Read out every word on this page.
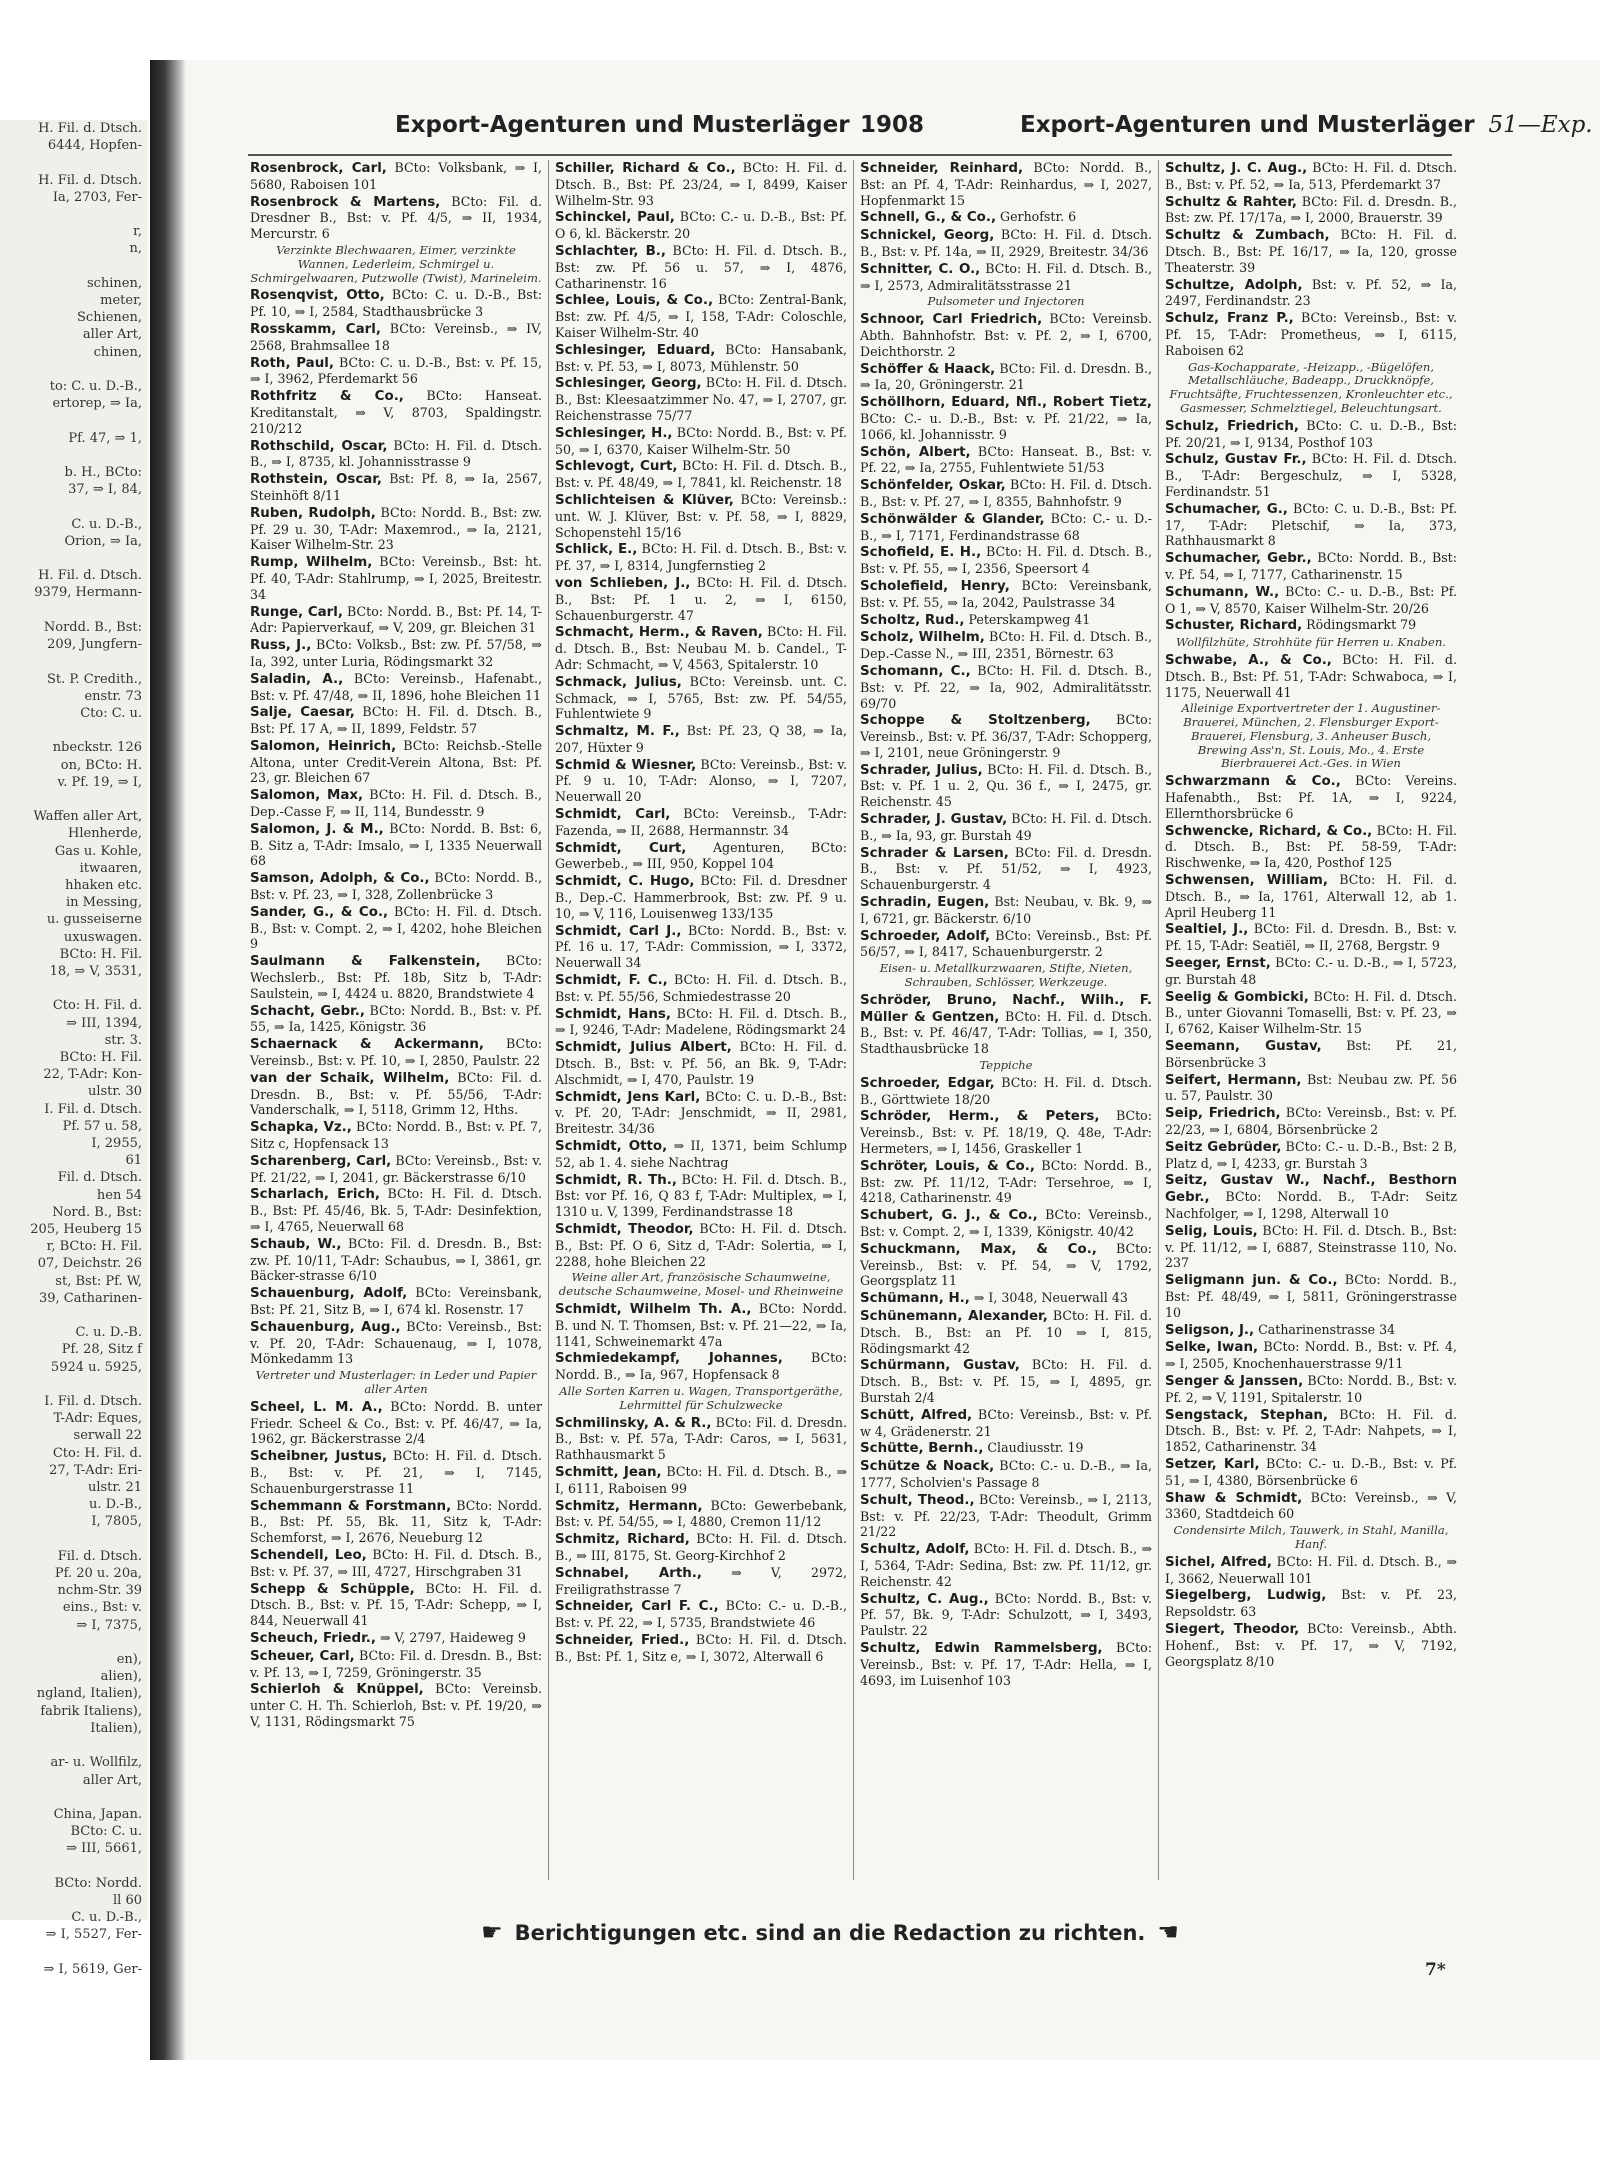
H. Fil. d. Dtsch.
6444, Hopfen-

H. Fil. d. Dtsch.
Ia, 2703, Fer-

r,
n,

schinen,
meter,
Schienen,
aller Art,
chinen,

to: C. u. D.-B.,
ertorep, ⇒ Ia,

Pf. 47, ⇒ 1,

b. H., BCto:
37, ⇒ I, 84,

C. u. D.-B.,
Orion, ⇒ Ia,

H. Fil. d. Dtsch.
9379, Hermann-

Nordd. B., Bst:
209, Jungfern-

St. P. Credith.,
enstr. 73
Cto: C. u.

nbeckstr. 126
on, BCto: H.
v. Pf. 19, ⇒ I,

Waffen aller Art,
Hlenherde,
Gas u. Kohle,
itwaaren,
hhaken etc.
in Messing,
u. gusseiserne
uxuswagen.
BCto: H. Fil.
18, ⇒ V, 3531,

Cto: H. Fil. d.
⇒ III, 1394,
str. 3.
BCto: H. Fil.
22, T-Adr: Kon-
ulstr. 30
I. Fil. d. Dtsch.
Pf. 57 u. 58,
I, 2955,
61
Fil. d. Dtsch.
hen 54
Nord. B., Bst:
205, Heuberg 15
r, BCto: H. Fil.
07, Deichstr. 26
st, Bst: Pf. W,
39, Catharinen-

C. u. D.-B.
Pf. 28, Sitz f
5924 u. 5925,

I. Fil. d. Dtsch.
T-Adr: Eques,
serwall 22
Cto: H. Fil. d.
27, T-Adr: Eri-
ulstr. 21
u. D.-B.,
I, 7805,

Fil. d. Dtsch.
Pf. 20 u. 20a,
nchm-Str. 39
eins., Bst: v.
⇒ I, 7375,

en),
alien),
ngland, Italien),
fabrik Italiens),
Italien),

ar- u. Wollfilz,
aller Art,

China, Japan.
BCto: C. u.
⇒ III, 5661,

BCto: Nordd.
ll 60
C. u. D.-B.,
⇒ I, 5527, Fer-

⇒ I, 5619, Ger-
Export-Agenturen und Musterläger 1908	Export-Agenturen und Musterläger 51—Exp.
Rosenbrock, Carl, BCto: Volksbank, ⇒ I, 5680, Raboisen 101
Rosenbrock & Martens, BCto: Fil. d. Dresdner B., Bst: v. Pf. 4/5, ⇒ II, 1934, Mercurstr. 6
Verzinkte Blechwaaren, Eimer, verzinkte Wannen, Lederleim, Schmirgel u. Schmirgelwaaren, Putzwolle (Twist), Marineleim.
Rosenqvist, Otto, BCto: C. u. D.-B., Bst: Pf. 10, ⇒ I, 2584, Stadthausbrücke 3
Rosskamm, Carl, BCto: Vereinsb., ⇒ IV, 2568, Brahmsallee 18
Roth, Paul, BCto: C. u. D.-B., Bst: v. Pf. 15, ⇒ I, 3962, Pferdemarkt 56
Rothfritz & Co., BCto: Hanseat. Kreditanstalt, ⇒ V, 8703, Spaldingstr. 210/212
Rothschild, Oscar, BCto: H. Fil. d. Dtsch. B., ⇒ I, 8735, kl. Johannisstrasse 9
Rothstein, Oscar, Bst: Pf. 8, ⇒ Ia, 2567, Steinhöft 8/11
Ruben, Rudolph, BCto: Nordd. B., Bst: zw. Pf. 29 u. 30, T-Adr: Maxemrod., ⇒ Ia, 2121, Kaiser Wilhelm-Str. 23
Rump, Wilhelm, BCto: Vereinsb., Bst: ht. Pf. 40, T-Adr: Stahlrump, ⇒ I, 2025, Breitestr. 34
Runge, Carl, BCto: Nordd. B., Bst: Pf. 14, T-Adr: Papierverkauf, ⇒ V, 209, gr. Bleichen 31
Russ, J., BCto: Volksb., Bst: zw. Pf. 57/58, ⇒ Ia, 392, unter Luria, Rödingsmarkt 32
Saladin, A., BCto: Vereinsb., Hafenabt., Bst: v. Pf. 47/48, ⇒ II, 1896, hohe Bleichen 11
Salje, Caesar, BCto: H. Fil. d. Dtsch. B., Bst: Pf. 17 A, ⇒ II, 1899, Feldstr. 57
Salomon, Heinrich, BCto: Reichsb.-Stelle Altona, unter Credit-Verein Altona, Bst: Pf. 23, gr. Bleichen 67
Salomon, Max, BCto: H. Fil. d. Dtsch. B., Dep.-Casse F, ⇒ II, 114, Bundesstr. 9
Salomon, J. & M., BCto: Nordd. B. Bst: 6, B. Sitz a, T-Adr: Imsalo, ⇒ I, 1335 Neuerwall 68
Samson, Adolph, & Co., BCto: Nordd. B., Bst: v. Pf. 23, ⇒ I, 328, Zollenbrücke 3
Sander, G., & Co., BCto: H. Fil. d. Dtsch. B., Bst: v. Compt. 2, ⇒ I, 4202, hohe Bleichen 9
Saulmann & Falkenstein, BCto: Wechslerb., Bst: Pf. 18b, Sitz b, T-Adr: Saulstein, ⇒ I, 4424 u. 8820, Brandstwiete 4
Schacht, Gebr., BCto: Nordd. B., Bst: v. Pf. 55, ⇒ Ia, 1425, Königstr. 36
Schaernack & Ackermann, BCto: Vereinsb., Bst: v. Pf. 10, ⇒ I, 2850, Paulstr. 22
van der Schaik, Wilhelm, BCto: Fil. d. Dresdn. B., Bst: v. Pf. 55/56, T-Adr: Vanderschalk, ⇒ I, 5118, Grimm 12, Hths.
Schapka, Vz., BCto: Nordd. B., Bst: v. Pf. 7, Sitz c, Hopfensack 13
Scharenberg, Carl, BCto: Vereinsb., Bst: v. Pf. 21/22, ⇒ I, 2041, gr. Bäckerstrasse 6/10
Scharlach, Erich, BCto: H. Fil. d. Dtsch. B., Bst: Pf. 45/46, Bk. 5, T-Adr: Desinfektion, ⇒ I, 4765, Neuerwall 68
Schaub, W., BCto: Fil. d. Dresdn. B., Bst: zw. Pf. 10/11, T-Adr: Schaubus, ⇒ I, 3861, gr. Bäcker-strasse 6/10
Schauenburg, Adolf, BCto: Vereinsbank, Bst: Pf. 21, Sitz B, ⇒ I, 674 kl. Rosenstr. 17
Schauenburg, Aug., BCto: Vereinsb., Bst: v. Pf. 20, T-Adr: Schauenaug, ⇒ I, 1078, Mönkedamm 13
Vertreter und Musterlager: in Leder und Papier aller Arten
Scheel, L. M. A., BCto: Nordd. B. unter Friedr. Scheel & Co., Bst: v. Pf. 46/47, ⇒ Ia, 1962, gr. Bäckerstrasse 2/4
Scheibner, Justus, BCto: H. Fil. d. Dtsch. B., Bst: v. Pf. 21, ⇒ I, 7145, Schauenburgerstrasse 11
Schemmann & Forstmann, BCto: Nordd. B., Bst: Pf. 55, Bk. 11, Sitz k, T-Adr: Schemforst, ⇒ I, 2676, Neueburg 12
Schendell, Leo, BCto: H. Fil. d. Dtsch. B., Bst: v. Pf. 37, ⇒ III, 4727, Hirschgraben 31
Schepp & Schüpple, BCto: H. Fil. d. Dtsch. B., Bst: v. Pf. 15, T-Adr: Schepp, ⇒ I, 844, Neuerwall 41
Scheuch, Friedr., ⇒ V, 2797, Haideweg 9
Scheuer, Carl, BCto: Fil. d. Dresdn. B., Bst: v. Pf. 13, ⇒ I, 7259, Gröningerstr. 35
Schierloh & Knüppel, BCto: Vereinsb. unter C. H. Th. Schierloh, Bst: v. Pf. 19/20, ⇒ V, 1131, Rödingsmarkt 75
Schiller, Richard & Co., BCto: H. Fil. d. Dtsch. B., Bst: Pf. 23/24, ⇒ I, 8499, Kaiser Wilhelm-Str. 93
Schinckel, Paul, BCto: C.- u. D.-B., Bst: Pf. O 6, kl. Bäckerstr. 20
Schlachter, B., BCto: H. Fil. d. Dtsch. B., Bst: zw. Pf. 56 u. 57, ⇒ I, 4876, Catharinenstr. 16
Schlee, Louis, & Co., BCto: Zentral-Bank, Bst: zw. Pf. 4/5, ⇒ I, 158, T-Adr: Coloschle, Kaiser Wilhelm-Str. 40
Schlesinger, Eduard, BCto: Hansabank, Bst: v. Pf. 53, ⇒ I, 8073, Mühlenstr. 50
Schlesinger, Georg, BCto: H. Fil. d. Dtsch. B., Bst: Kleesaatzimmer No. 47, ⇒ I, 2707, gr. Reichenstrasse 75/77
Schlesinger, H., BCto: Nordd. B., Bst: v. Pf. 50, ⇒ I, 6370, Kaiser Wilhelm-Str. 50
Schlevogt, Curt, BCto: H. Fil. d. Dtsch. B., Bst: v. Pf. 48/49, ⇒ I, 7841, kl. Reichenstr. 18
Schlichteisen & Klüver, BCto: Vereinsb.: unt. W. J. Klüver, Bst: v. Pf. 58, ⇒ I, 8829, Schopenstehl 15/16
Schlick, E., BCto: H. Fil. d. Dtsch. B., Bst: v. Pf. 37, ⇒ I, 8314, Jungfernstieg 2
von Schlieben, J., BCto: H. Fil. d. Dtsch. B., Bst: Pf. 1 u. 2, ⇒ I, 6150, Schauenburgerstr. 47
Schmacht, Herm., & Raven, BCto: H. Fil. d. Dtsch. B., Bst: Neubau M. b. Candel., T-Adr: Schmacht, ⇒ V, 4563, Spitalerstr. 10
Schmack, Julius, BCto: Vereinsb. unt. C. Schmack, ⇒ I, 5765, Bst: zw. Pf. 54/55, Fuhlentwiete 9
Schmaltz, M. F., Bst: Pf. 23, Q 38, ⇒ Ia, 207, Hüxter 9
Schmid & Wiesner, BCto: Vereinsb., Bst: v. Pf. 9 u. 10, T-Adr: Alonso, ⇒ I, 7207, Neuerwall 20
Schmidt, Carl, BCto: Vereinsb., T-Adr: Fazenda, ⇒ II, 2688, Hermannstr. 34
Schmidt, Curt, Agenturen, BCto: Gewerbeb., ⇒ III, 950, Koppel 104
Schmidt, C. Hugo, BCto: Fil. d. Dresdner B., Dep.-C. Hammerbrook, Bst: zw. Pf. 9 u. 10, ⇒ V, 116, Louisenweg 133/135
Schmidt, Carl J., BCto: Nordd. B., Bst: v. Pf. 16 u. 17, T-Adr: Commission, ⇒ I, 3372, Neuerwall 34
Schmidt, F. C., BCto: H. Fil. d. Dtsch. B., Bst: v. Pf. 55/56, Schmiedestrasse 20
Schmidt, Hans, BCto: H. Fil. d. Dtsch. B., ⇒ I, 9246, T-Adr: Madelene, Rödingsmarkt 24
Schmidt, Julius Albert, BCto: H. Fil. d. Dtsch. B., Bst: v. Pf. 56, an Bk. 9, T-Adr: Alschmidt, ⇒ I, 470, Paulstr. 19
Schmidt, Jens Karl, BCto: C. u. D.-B., Bst: v. Pf. 20, T-Adr: Jenschmidt, ⇒ II, 2981, Breitestr. 34/36
Schmidt, Otto, ⇒ II, 1371, beim Schlump 52, ab 1. 4. siehe Nachtrag
Schmidt, R. Th., BCto: H. Fil. d. Dtsch. B., Bst: vor Pf. 16, Q 83 f, T-Adr: Multiplex, ⇒ I, 1310 u. V, 1399, Ferdinandstrasse 18
Schmidt, Theodor, BCto: H. Fil. d. Dtsch. B., Bst: Pf. O 6, Sitz d, T-Adr: Solertia, ⇒ I, 2288, hohe Bleichen 22
Weine aller Art, französische Schaumweine, deutsche Schaumweine, Mosel- und Rheinweine
Schmidt, Wilhelm Th. A., BCto: Nordd. B. und N. T. Thomsen, Bst: v. Pf. 21—22, ⇒ Ia, 1141, Schweinemarkt 47a
Schmiedekampf, Johannes, BCto: Nordd. B., ⇒ Ia, 967, Hopfensack 8
Alle Sorten Karren u. Wagen, Transportgeräthe, Lehrmittel für Schulzwecke
Schmilinsky, A. & R., BCto: Fil. d. Dresdn. B., Bst: v. Pf. 57a, T-Adr: Caros, ⇒ I, 5631, Rathhausmarkt 5
Schmitt, Jean, BCto: H. Fil. d. Dtsch. B., ⇒ I, 6111, Raboisen 99
Schmitz, Hermann, BCto: Gewerbebank, Bst: v. Pf. 54/55, ⇒ I, 4880, Cremon 11/12
Schmitz, Richard, BCto: H. Fil. d. Dtsch. B., ⇒ III, 8175, St. Georg-Kirchhof 2
Schnabel, Arth., ⇒ V, 2972, Freiligrathstrasse 7
Schneider, Carl F. C., BCto: C.- u. D.-B., Bst: v. Pf. 22, ⇒ I, 5735, Brandstwiete 46
Schneider, Fried., BCto: H. Fil. d. Dtsch. B., Bst: Pf. 1, Sitz e, ⇒ I, 3072, Alterwall 6
Schneider, Reinhard, BCto: Nordd. B., Bst: an Pf. 4, T-Adr: Reinhardus, ⇒ I, 2027, Hopfenmarkt 15
Schnell, G., & Co., Gerhofstr. 6
Schnickel, Georg, BCto: H. Fil. d. Dtsch. B., Bst: v. Pf. 14a, ⇒ II, 2929, Breitestr. 34/36
Schnitter, C. O., BCto: H. Fil. d. Dtsch. B., ⇒ I, 2573, Admiralitätsstrasse 21
Pulsometer und Injectoren
Schnoor, Carl Friedrich, BCto: Vereinsb. Abth. Bahnhofstr. Bst: v. Pf. 2, ⇒ I, 6700, Deichthorstr. 2
Schöffer & Haack, BCto: Fil. d. Dresdn. B., ⇒ Ia, 20, Gröningerstr. 21
Schöllhorn, Eduard, Nfl., Robert Tietz, BCto: C.- u. D.-B., Bst: v. Pf. 21/22, ⇒ Ia, 1066, kl. Johannisstr. 9
Schön, Albert, BCto: Hanseat. B., Bst: v. Pf. 22, ⇒ Ia, 2755, Fuhlentwiete 51/53
Schönfelder, Oskar, BCto: H. Fil. d. Dtsch. B., Bst: v. Pf. 27, ⇒ I, 8355, Bahnhofstr. 9
Schönwälder & Glander, BCto: C.- u. D.-B., ⇒ I, 7171, Ferdinandstrasse 68
Schofield, E. H., BCto: H. Fil. d. Dtsch. B., Bst: v. Pf. 55, ⇒ I, 2356, Speersort 4
Scholefield, Henry, BCto: Vereinsbank, Bst: v. Pf. 55, ⇒ Ia, 2042, Paulstrasse 34
Scholtz, Rud., Peterskampweg 41
Scholz, Wilhelm, BCto: H. Fil. d. Dtsch. B., Dep.-Casse N., ⇒ III, 2351, Börnestr. 63
Schomann, C., BCto: H. Fil. d. Dtsch. B., Bst: v. Pf. 22, ⇒ Ia, 902, Admiralitätsstr. 69/70
Schoppe & Stoltzenberg, BCto: Vereinsb., Bst: v. Pf. 36/37, T-Adr: Schopperg, ⇒ I, 2101, neue Gröningerstr. 9
Schrader, Julius, BCto: H. Fil. d. Dtsch. B., Bst: v. Pf. 1 u. 2, Qu. 36 f., ⇒ I, 2475, gr. Reichenstr. 45
Schrader, J. Gustav, BCto: H. Fil. d. Dtsch. B., ⇒ Ia, 93, gr. Burstah 49
Schrader & Larsen, BCto: Fil. d. Dresdn. B., Bst: v. Pf. 51/52, ⇒ I, 4923, Schauenburgerstr. 4
Schradin, Eugen, Bst: Neubau, v. Bk. 9, ⇒ I, 6721, gr. Bäckerstr. 6/10
Schroeder, Adolf, BCto: Vereinsb., Bst: Pf. 56/57, ⇒ I, 8417, Schauenburgerstr. 2
Eisen- u. Metallkurzwaaren, Stifte, Nieten, Schrauben, Schlösser, Werkzeuge.
Schröder, Bruno, Nachf., Wilh., F. Müller & Gentzen, BCto: H. Fil. d. Dtsch. B., Bst: v. Pf. 46/47, T-Adr: Tollias, ⇒ I, 350, Stadthausbrücke 18
Teppiche
Schroeder, Edgar, BCto: H. Fil. d. Dtsch. B., Görttwiete 18/20
Schröder, Herm., & Peters, BCto: Vereinsb., Bst: v. Pf. 18/19, Q. 48e, T-Adr: Hermeters, ⇒ I, 1456, Graskeller 1
Schröter, Louis, & Co., BCto: Nordd. B., Bst: zw. Pf. 11/12, T-Adr: Tersehroe, ⇒ I, 4218, Catharinenstr. 49
Schubert, G. J., & Co., BCto: Vereinsb., Bst: v. Compt. 2, ⇒ I, 1339, Königstr. 40/42
Schuckmann, Max, & Co., BCto: Vereinsb., Bst: v. Pf. 54, ⇒ V, 1792, Georgsplatz 11
Schümann, H., ⇒ I, 3048, Neuerwall 43
Schünemann, Alexander, BCto: H. Fil. d. Dtsch. B., Bst: an Pf. 10 ⇒ I, 815, Rödingsmarkt 42
Schürmann, Gustav, BCto: H. Fil. d. Dtsch. B., Bst: v. Pf. 15, ⇒ I, 4895, gr. Burstah 2/4
Schütt, Alfred, BCto: Vereinsb., Bst: v. Pf. w 4, Grädenerstr. 21
Schütte, Bernh., Claudiusstr. 19
Schütze & Noack, BCto: C.- u. D.-B., ⇒ Ia, 1777, Scholvien's Passage 8
Schult, Theod., BCto: Vereinsb., ⇒ I, 2113, Bst: v. Pf. 22/23, T-Adr: Theodult, Grimm 21/22
Schultz, Adolf, BCto: H. Fil. d. Dtsch. B., ⇒ I, 5364, T-Adr: Sedina, Bst: zw. Pf. 11/12, gr. Reichenstr. 42
Schultz, C. Aug., BCto: Nordd. B., Bst: v. Pf. 57, Bk. 9, T-Adr: Schulzott, ⇒ I, 3493, Paulstr. 22
Schultz, Edwin Rammelsberg, BCto: Vereinsb., Bst: v. Pf. 17, T-Adr: Hella, ⇒ I, 4693, im Luisenhof 103
Schultz, J. C. Aug., BCto: H. Fil. d. Dtsch. B., Bst: v. Pf. 52, ⇒ Ia, 513, Pferdemarkt 37
Schultz & Rahter, BCto: Fil. d. Dresdn. B., Bst: zw. Pf. 17/17a, ⇒ I, 2000, Brauerstr. 39
Schultz & Zumbach, BCto: H. Fil. d. Dtsch. B., Bst: Pf. 16/17, ⇒ Ia, 120, grosse Theaterstr. 39
Schultze, Adolph, Bst: v. Pf. 52, ⇒ Ia, 2497, Ferdinandstr. 23
Schulz, Franz P., BCto: Vereinsb., Bst: v. Pf. 15, T-Adr: Prometheus, ⇒ I, 6115, Raboisen 62
Gas-Kochapparate, -Heizapp., -Bügelöfen, Metallschläuche, Badeapp., Druckknöpfe, Fruchtsäfte, Fruchtessenzen, Kronleuchter etc., Gasmesser, Schmelztiegel, Beleuchtungsart.
Schulz, Friedrich, BCto: C. u. D.-B., Bst: Pf. 20/21, ⇒ I, 9134, Posthof 103
Schulz, Gustav Fr., BCto: H. Fil. d. Dtsch. B., T-Adr: Bergeschulz, ⇒ I, 5328, Ferdinandstr. 51
Schumacher, G., BCto: C. u. D.-B., Bst: Pf. 17, T-Adr: Pletschif, ⇒ Ia, 373, Rathhausmarkt 8
Schumacher, Gebr., BCto: Nordd. B., Bst: v. Pf. 54, ⇒ I, 7177, Catharinenstr. 15
Schumann, W., BCto: C.- u. D.-B., Bst: Pf. O 1, ⇒ V, 8570, Kaiser Wilhelm-Str. 20/26
Schuster, Richard, Rödingsmarkt 79
Wollfilzhüte, Strohhüte für Herren u. Knaben.
Schwabe, A., & Co., BCto: H. Fil. d. Dtsch. B., Bst: Pf. 51, T-Adr: Schwaboca, ⇒ I, 1175, Neuerwall 41
Alleinige Exportvertreter der 1. Augustiner-Brauerei, München, 2. Flensburger Export-Brauerei, Flensburg, 3. Anheuser Busch, Brewing Ass'n, St. Louis, Mo., 4. Erste Bierbrauerei Act.-Ges. in Wien
Schwarzmann & Co., BCto: Vereins. Hafenabth., Bst: Pf. 1A, ⇒ I, 9224, Ellernthorsbrücke 6
Schwencke, Richard, & Co., BCto: H. Fil. d. Dtsch. B., Bst: Pf. 58-59, T-Adr: Rischwenke, ⇒ Ia, 420, Posthof 125
Schwensen, William, BCto: H. Fil. d. Dtsch. B., ⇒ Ia, 1761, Alterwall 12, ab 1. April Heuberg 11
Sealtiel, J., BCto: Fil. d. Dresdn. B., Bst: v. Pf. 15, T-Adr: Seatiël, ⇒ II, 2768, Bergstr. 9
Seeger, Ernst, BCto: C.- u. D.-B., ⇒ I, 5723, gr. Burstah 48
Seelig & Gombicki, BCto: H. Fil. d. Dtsch. B., unter Giovanni Tomaselli, Bst: v. Pf. 23, ⇒ I, 6762, Kaiser Wilhelm-Str. 15
Seemann, Gustav, Bst: Pf. 21, Börsenbrücke 3
Seifert, Hermann, Bst: Neubau zw. Pf. 56 u. 57, Paulstr. 30
Seip, Friedrich, BCto: Vereinsb., Bst: v. Pf. 22/23, ⇒ I, 6804, Börsenbrücke 2
Seitz Gebrüder, BCto: C.- u. D.-B., Bst: 2 B, Platz d, ⇒ I, 4233, gr. Burstah 3
Seitz, Gustav W., Nachf., Besthorn Gebr., BCto: Nordd. B., T-Adr: Seitz Nachfolger, ⇒ I, 1298, Alterwall 10
Selig, Louis, BCto: H. Fil. d. Dtsch. B., Bst: v. Pf. 11/12, ⇒ I, 6887, Steinstrasse 110, No. 237
Seligmann jun. & Co., BCto: Nordd. B., Bst: Pf. 48/49, ⇒ I, 5811, Gröningerstrasse 10
Seligson, J., Catharinenstrasse 34
Selke, Iwan, BCto: Nordd. B., Bst: v. Pf. 4, ⇒ I, 2505, Knochenhauerstrasse 9/11
Senger & Janssen, BCto: Nordd. B., Bst: v. Pf. 2, ⇒ V, 1191, Spitalerstr. 10
Sengstack, Stephan, BCto: H. Fil. d. Dtsch. B., Bst: v. Pf. 2, T-Adr: Nahpets, ⇒ I, 1852, Catharinenstr. 34
Setzer, Karl, BCto: C.- u. D.-B., Bst: v. Pf. 51, ⇒ I, 4380, Börsenbrücke 6
Shaw & Schmidt, BCto: Vereinsb., ⇒ V, 3360, Stadtdeich 60
Condensirte Milch, Tauwerk, in Stahl, Manilla, Hanf.
Sichel, Alfred, BCto: H. Fil. d. Dtsch. B., ⇒ I, 3662, Neuerwall 101
Siegelberg, Ludwig, Bst: v. Pf. 23, Repsoldstr. 63
Siegert, Theodor, BCto: Vereinsb., Abth. Hohenf., Bst: v. Pf. 17, ⇒ V, 7192, Georgsplatz 8/10
☛ Berichtigungen etc. sind an die Redaction zu richten. ☚
7*
